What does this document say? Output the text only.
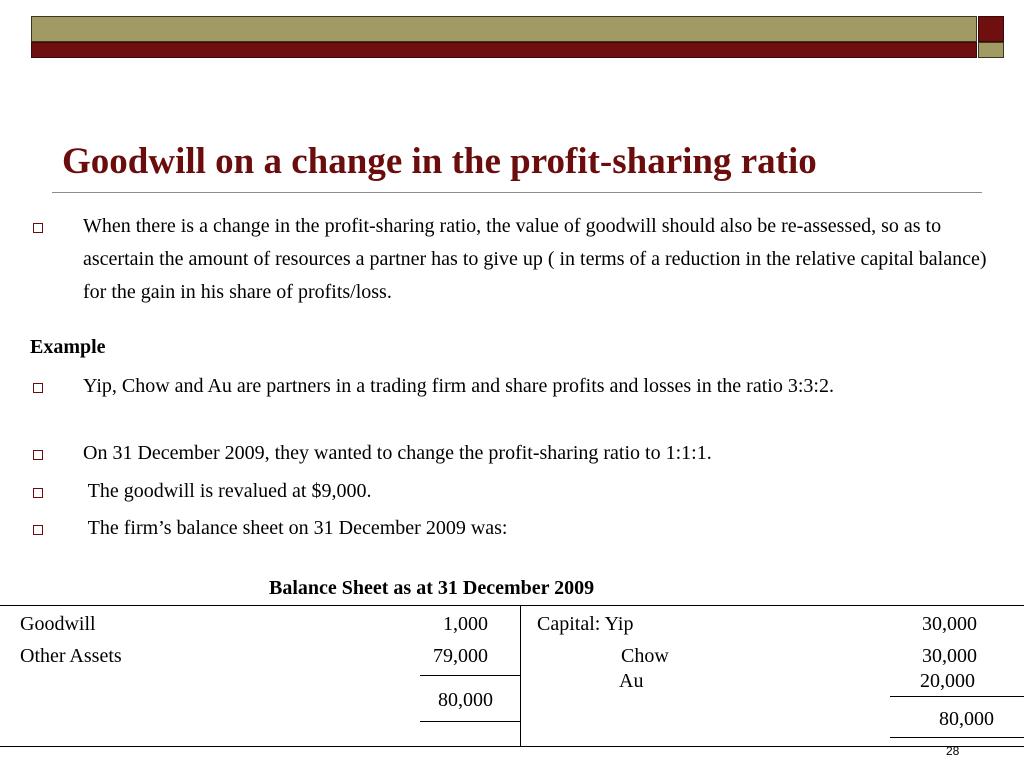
Goodwill on a change in the profit-sharing ratio

When there is a change in the profit-sharing ratio, the value of goodwill should also be re-assessed, so as to ascertain the amount of resources a partner has to give up ( in terms of a reduction in the relative capital balance) for the gain in his share of profits/loss.

Example

Yip, Chow and Au are partners in a trading firm and share profits and losses in the ratio 3:3:2.

On 31 December 2009, they wanted to change the profit-sharing ratio to 1:1:1.

The goodwill is revalued at $9,000.

The firm’s balance sheet on 31 December 2009 was:

Balance Sheet as at 31 December 2009

Goodwill	1,000

Other Assets	79,000

80,000

Capital: Yip	30,000

Chow	30,000

Au	20,000

80,000

28
